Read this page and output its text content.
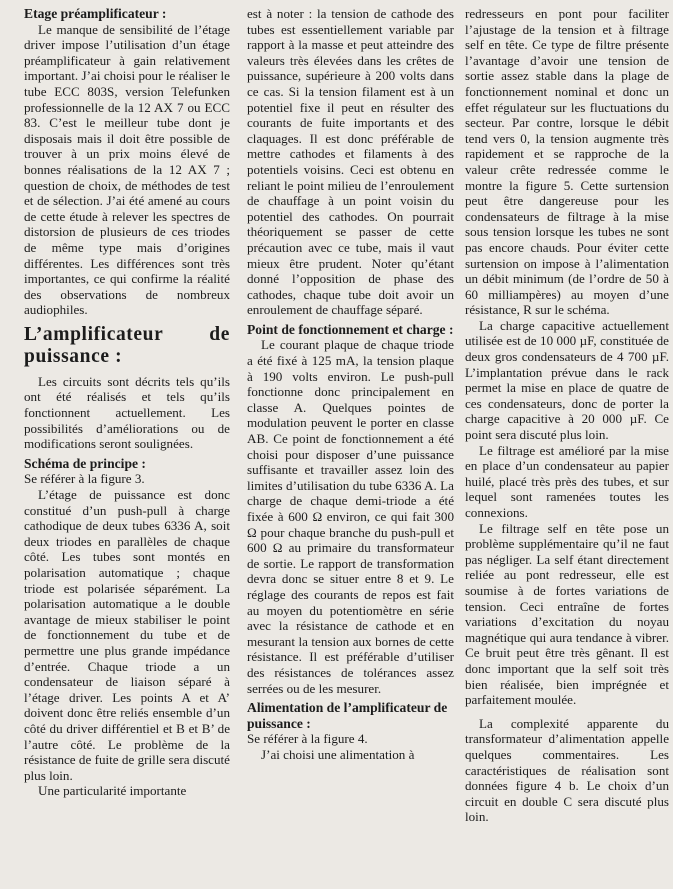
Etage préamplificateur :

Le manque de sensibilité de l’étage driver impose l’utilisation d’un étage préamplificateur à gain relativement important. J’ai choisi pour le réaliser le tube ECC 803S, version Telefunken professionnelle de la 12 AX 7 ou ECC 83. C’est le meilleur tube dont je disposais mais il doit être possible de trouver à un prix moins élevé de bonnes réalisations de la 12 AX 7 ; question de choix, de méthodes de test et de sélection. J’ai été amené au cours de cette étude à relever les spectres de distorsion de plusieurs de ces triodes de même type mais d’origines différentes. Les différences sont très importantes, ce qui confirme la réalité des observations de nombreux audiophiles.

L’amplificateur de puissance :

Les circuits sont décrits tels qu’ils ont été réalisés et tels qu’ils fonctionnent actuellement. Les possibilités d’améliorations ou de modifications seront soulignées.

Schéma de principe :

Se référer à la figure 3.

L’étage de puissance est donc constitué d’un push-pull à charge cathodique de deux tubes 6336 A, soit deux triodes en parallèles de chaque côté. Les tubes sont montés en polarisation automatique ; chaque triode est polarisée séparément. La polarisation automatique a le double avantage de mieux stabiliser le point de fonctionnement du tube et de permettre une plus grande impédance d’entrée. Chaque triode a un condensateur de liaison séparé à l’étage driver. Les points A et A’ doivent donc être reliés ensemble d’un côté du driver différentiel et B et B’ de l’autre côté. Le problème de la résistance de fuite de grille sera discuté plus loin.

Une particularité importante

est à noter : la tension de cathode des tubes est essentiellement variable par rapport à la masse et peut atteindre des valeurs très élevées dans les crêtes de puissance, supérieure à 200 volts dans ce cas. Si la tension filament est à un potentiel fixe il peut en résulter des courants de fuite importants et des claquages. Il est donc préférable de mettre cathodes et filaments à des potentiels voisins. Ceci est obtenu en reliant le point milieu de l’enroulement de chauffage à un point voisin du potentiel des cathodes. On pourrait théoriquement se passer de cette précaution avec ce tube, mais il vaut mieux être prudent. Noter qu’étant donné l’opposition de phase des cathodes, chaque tube doit avoir un enroulement de chauffage séparé.

Point de fonctionnement et charge :

Le courant plaque de chaque triode a été fixé à 125 mA, la tension plaque à 190 volts environ. Le push-pull fonctionne donc principalement en classe A. Quelques pointes de modulation peuvent le porter en classe AB. Ce point de fonctionnement a été choisi pour disposer d’une puissance suffisante et travailler assez loin des limites d’utilisation du tube 6336 A. La charge de chaque demi-triode a été fixée à 600 Ω environ, ce qui fait 300 Ω pour chaque branche du push-pull et 600 Ω au primaire du transformateur de sortie. Le rapport de transformation devra donc se situer entre 8 et 9. Le réglage des courants de repos est fait au moyen du potentiomètre en série avec la résistance de cathode et en mesurant la tension aux bornes de cette résistance. Il est préférable d’utiliser des résistances de tolérances assez serrées ou de les mesurer.

Alimentation de l’amplificateur de puissance :

Se référer à la figure 4.

J’ai choisi une alimentation à

redresseurs en pont pour faciliter l’ajustage de la tension et à filtrage self en tête. Ce type de filtre présente l’avantage d’avoir une tension de sortie assez stable dans la plage de fonctionnement nominal et donc un effet régulateur sur les fluctuations du secteur. Par contre, lorsque le débit tend vers 0, la tension augmente très rapidement et se rapproche de la valeur crête redressée comme le montre la figure 5. Cette surtension peut être dangereuse pour les condensateurs de filtrage à la mise sous tension lorsque les tubes ne sont pas encore chauds. Pour éviter cette surtension on impose à l’alimentation un débit minimum (de l’ordre de 50 à 60 milliampères) au moyen d’une résistance, R sur le schéma.

La charge capacitive actuellement utilisée est de 10 000 µF, constituée de deux gros condensateurs de 4 700 µF. L’implantation prévue dans le rack permet la mise en place de quatre de ces condensateurs, donc de porter la charge capacitive à 20 000 µF. Ce point sera discuté plus loin.

Le filtrage est amélioré par la mise en place d’un condensateur au papier huilé, placé très près des tubes, et sur lequel sont ramenées toutes les connexions.

Le filtrage self en tête pose un problème supplémentaire qu’il ne faut pas négliger. La self étant directement reliée au pont redresseur, elle est soumise à de fortes variations de tension. Ceci entraîne de fortes variations d’excitation du noyau magnétique qui aura tendance à vibrer. Ce bruit peut être très gênant. Il est donc important que la self soit très bien réalisée, bien imprégnée et parfaitement moulée.

La complexité apparente du transformateur d’alimentation appelle quelques commentaires. Les caractéristiques de réalisation sont données figure 4 b. Le choix d’un circuit en double C sera discuté plus loin.
